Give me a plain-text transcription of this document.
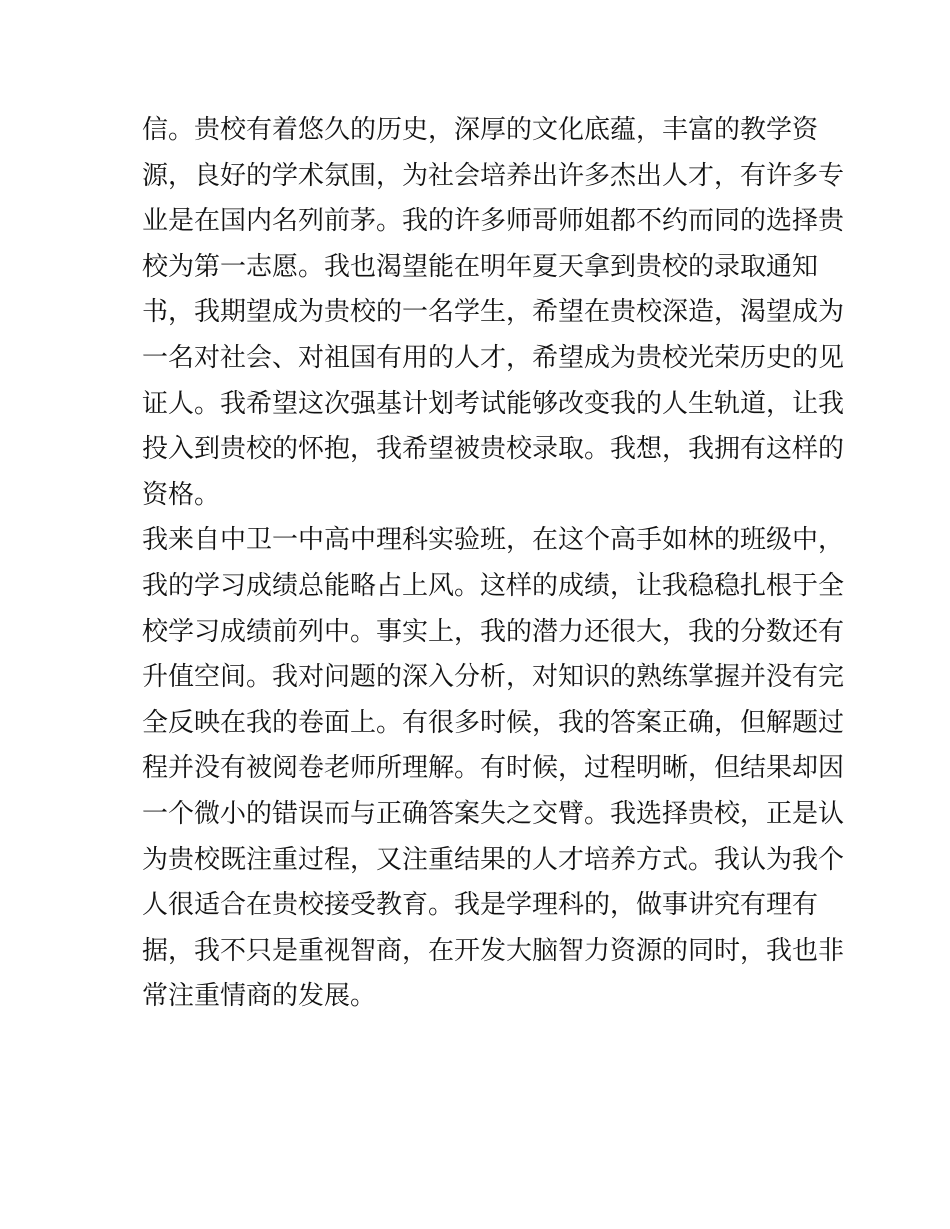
信。贵校有着悠久的历史，深厚的文化底蕴，丰富的教学资
源，良好的学术氛围，为社会培养出许多杰出人才，有许多专
业是在国内名列前茅。我的许多师哥师姐都不约而同的选择贵
校为第一志愿。我也渴望能在明年夏天拿到贵校的录取通知
书，我期望成为贵校的一名学生，希望在贵校深造，渴望成为
一名对社会、对祖国有用的人才，希望成为贵校光荣历史的见
证人。我希望这次强基计划考试能够改变我的人生轨道，让我
投入到贵校的怀抱，我希望被贵校录取。我想，我拥有这样的
资格。
我来自中卫一中高中理科实验班，在这个高手如林的班级中，
我的学习成绩总能略占上风。这样的成绩，让我稳稳扎根于全
校学习成绩前列中。事实上，我的潜力还很大，我的分数还有
升值空间。我对问题的深入分析，对知识的熟练掌握并没有完
全反映在我的卷面上。有很多时候，我的答案正确，但解题过
程并没有被阅卷老师所理解。有时候，过程明晰，但结果却因
一个微小的错误而与正确答案失之交臂。我选择贵校，正是认
为贵校既注重过程，又注重结果的人才培养方式。我认为我个
人很适合在贵校接受教育。我是学理科的，做事讲究有理有
据，我不只是重视智商，在开发大脑智力资源的同时，我也非
常注重情商的发展。
